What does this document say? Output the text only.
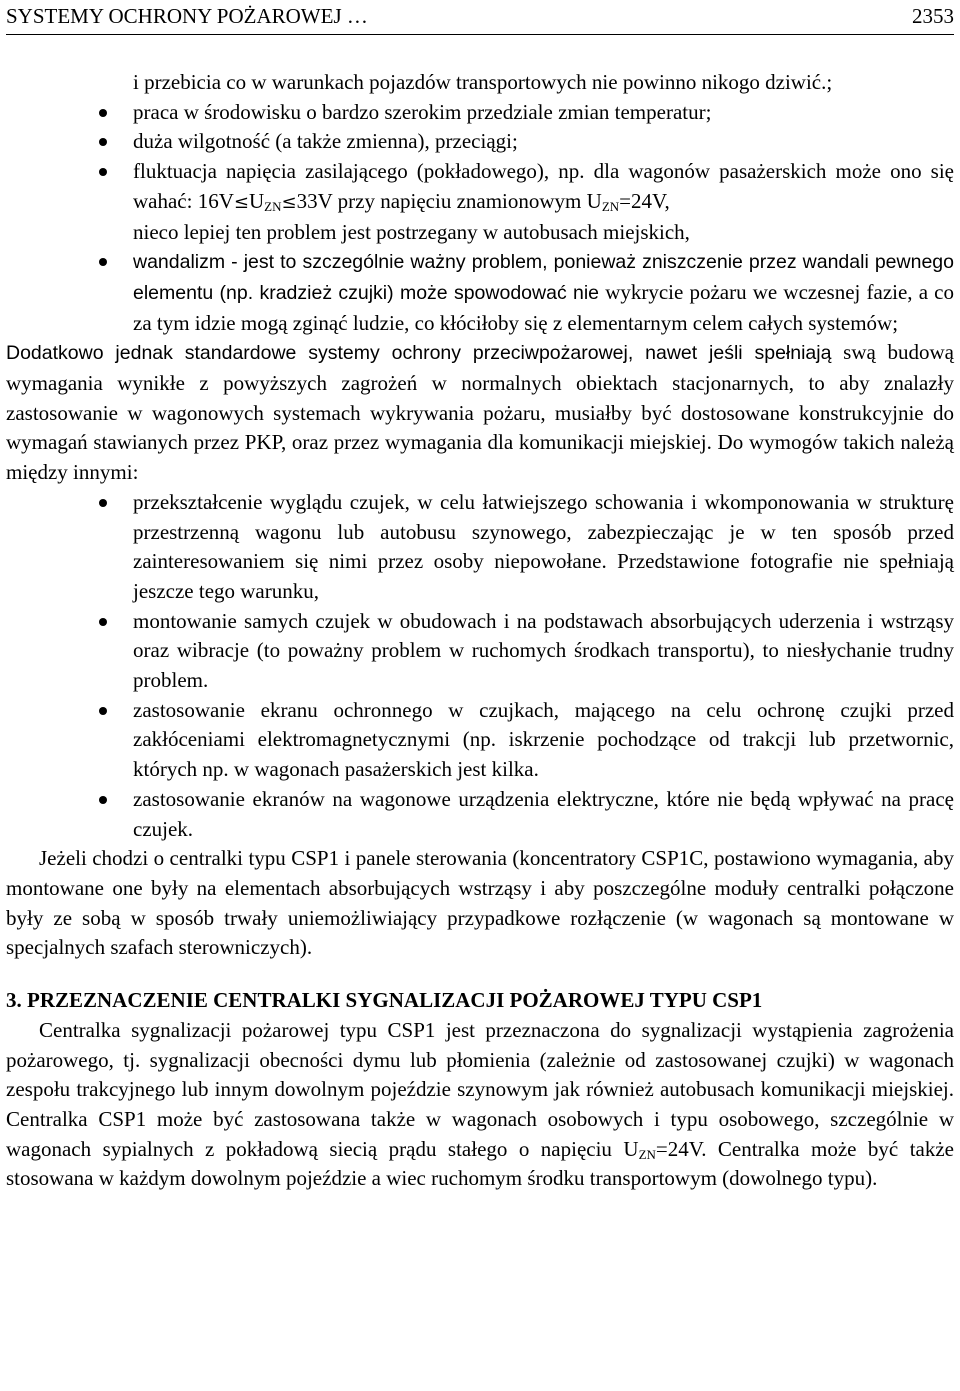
SYSTEMY OCHRONY POŻAROWEJ …	2353
i przebicia co w warunkach pojazdów transportowych nie powinno nikogo dziwić.;
praca w środowisku o bardzo szerokim przedziale zmian temperatur;
duża wilgotność (a także zmienna), przeciągi;
fluktuacja napięcia zasilającego (pokładowego), np. dla wagonów pasażerskich może ono się wahać: $16V\le U_{ZN}\le 33V$ przy napięciu znamionowym $U_{ZN}=24V$,
nieco lepiej ten problem jest postrzegany w autobusach miejskich,
wandalizm - jest to szczególnie ważny problem, ponieważ zniszczenie przez wandali pewnego elementu (np. kradzież czujki) może spowodować nie wykrycie pożaru we wczesnej fazie, a co za tym idzie mogą zginąć ludzie, co kłóciłoby się z elementarnym celem całych systemów;

Dodatkowo jednak standardowe systemy ochrony przeciwpożarowej, nawet jeśli spełniają swą budową wymagania wynikłe z powyższych zagrożeń w normalnych obiektach stacjonarnych, to aby znalazły zastosowanie w wagonowych systemach wykrywania pożaru, musiałby być dostosowane konstrukcyjnie do wymagań stawianych przez PKP, oraz przez wymagania dla komunikacji miejskiej. Do wymogów takich należą między innymi:

przekształcenie wyglądu czujek, w celu łatwiejszego schowania i wkomponowania w strukturę przestrzenną wagonu lub autobusu szynowego, zabezpieczając je w ten sposób przed zainteresowaniem się nimi przez osoby niepowołane. Przedstawione fotografie nie spełniają jeszcze tego warunku,
montowanie samych czujek w obudowach i na podstawach absorbujących uderzenia i wstrząsy oraz wibracje (to poważny problem w ruchomych środkach transportu), to niesłychanie trudny problem.
zastosowanie ekranu ochronnego w czujkach, mającego na celu ochronę czujki przed zakłóceniami elektromagnetycznymi (np. iskrzenie pochodzące od trakcji lub przetwornic, których np. w wagonach pasażerskich jest kilka.
zastosowanie ekranów na wagonowe urządzenia elektryczne, które nie będą wpływać na pracę czujek.

Jeżeli chodzi o centralki typu CSP1 i panele sterowania (koncentratory CSP1C, postawiono wymagania, aby montowane one były na elementach absorbujących wstrząsy i aby poszczególne moduły centralki połączone były ze sobą w sposób trwały uniemożliwiający przypadkowe rozłączenie (w wagonach są montowane w specjalnych szafach sterowniczych).

3. PRZEZNACZENIE CENTRALKI SYGNALIZACJI POŻAROWEJ TYPU CSP1

Centralka sygnalizacji pożarowej typu CSP1 jest przeznaczona do sygnalizacji wystąpienia zagrożenia pożarowego, tj. sygnalizacji obecności dymu lub płomienia (zależnie od zastosowanej czujki) w wagonach zespołu trakcyjnego lub innym dowolnym pojeździe szynowym jak również autobusach komunikacji miejskiej. Centralka CSP1 może być zastosowana także w wagonach osobowych i typu osobowego, szczególnie w wagonach sypialnych z pokładową siecią prądu stałego o napięciu $U_{ZN}=24V$. Centralka może być także stosowana w każdym dowolnym pojeździe a wiec ruchomym środku transportowym (dowolnego typu).
